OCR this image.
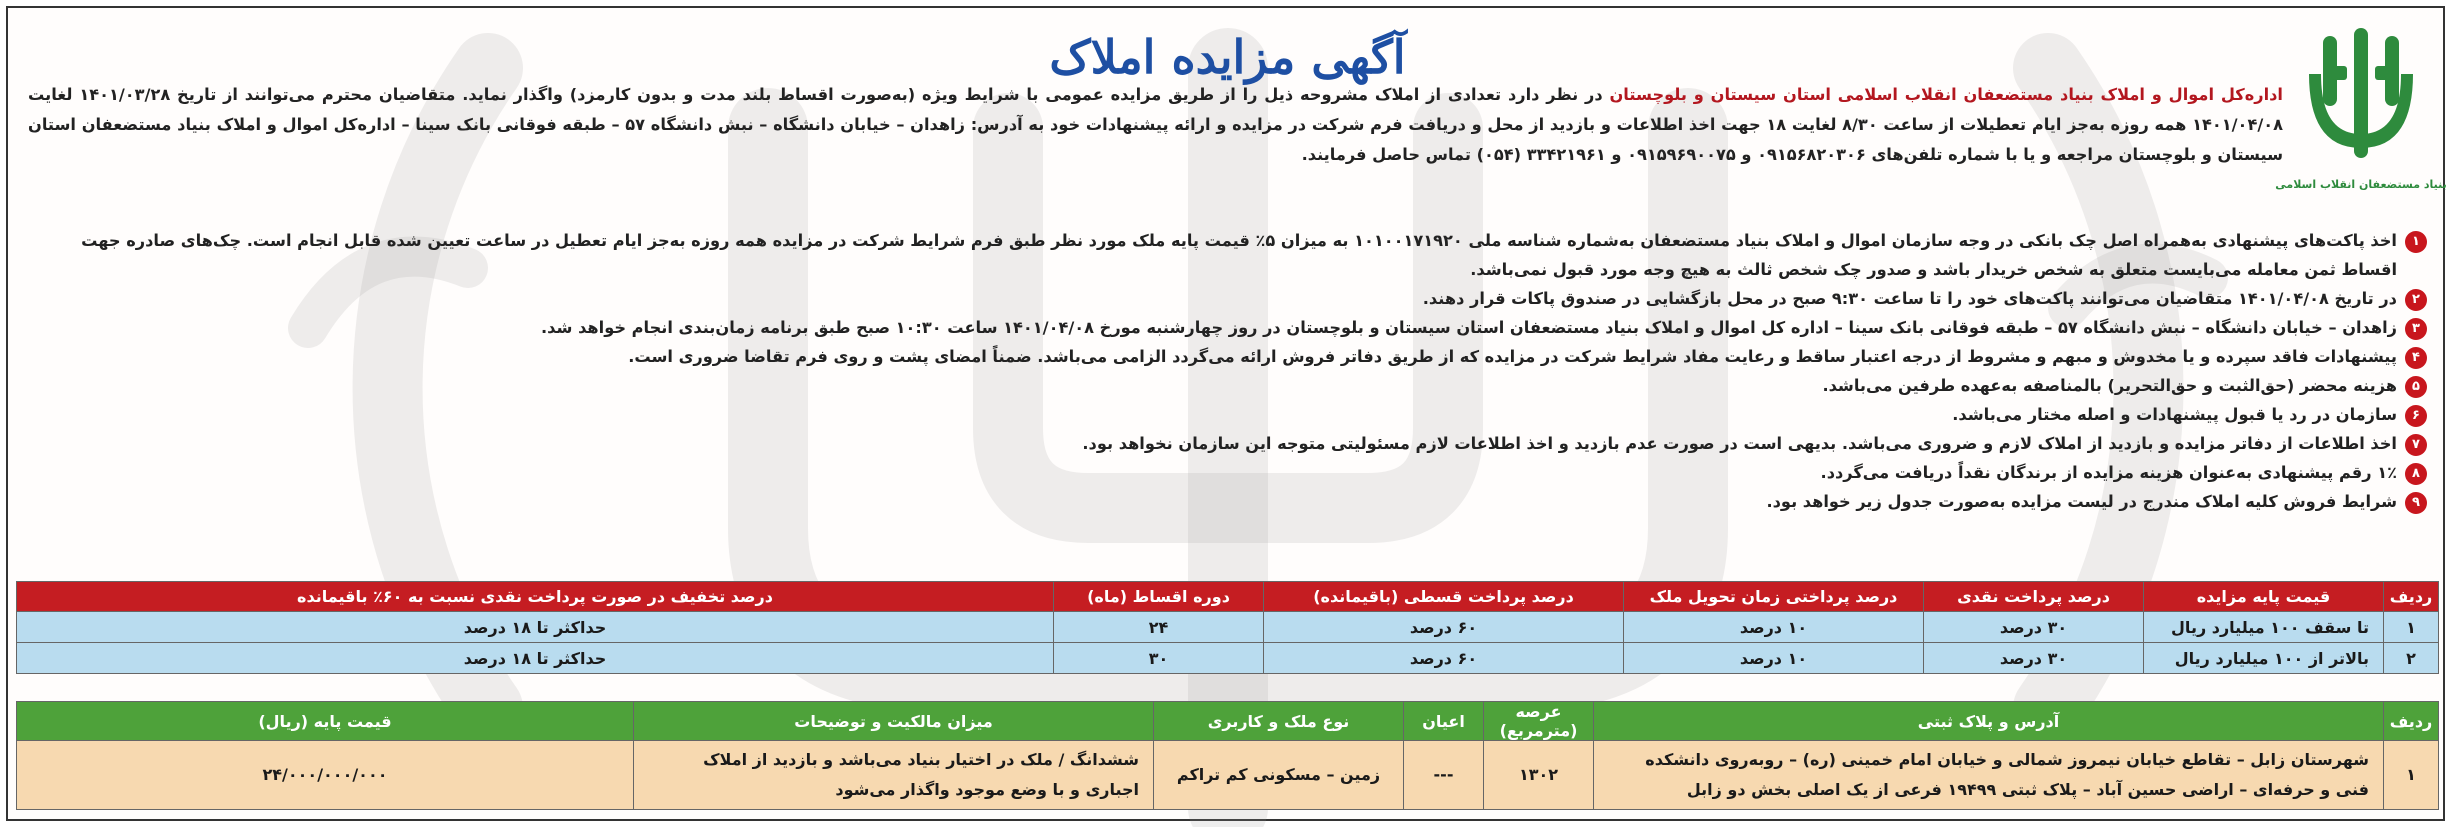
بنیاد مستضعفان انقلاب اسلامی
آگهی مزایده املاک

اداره‌کل اموال و املاک بنیاد مستضعفان انقلاب اسلامی استان سیستان و بلوچستان در نظر دارد تعدادی از املاک مشروحه ذیل را از طریق مزایده عمومی با شرایط ویژه (به‌صورت اقساط بلند مدت و بدون کارمزد) واگذار نماید. متقاضیان محترم می‌توانند از تاریخ ۱۴۰۱/۰۳/۲۸ لغایت ۱۴۰۱/۰۴/۰۸ همه روزه به‌جز ایام تعطیلات از ساعت ۸/۳۰ لغایت ۱۸ جهت اخذ اطلاعات و بازدید از محل و دریافت فرم شرکت در مزایده و ارائه پیشنهادات خود به آدرس: زاهدان – خیابان دانشگاه – نبش دانشگاه ۵۷ – طبقه فوقانی بانک سینا – اداره‌کل اموال و املاک بنیاد مستضعفان استان سیستان و بلوچستان مراجعه و یا با شماره تلفن‌های ۰۹۱۵۶۸۲۰۳۰۶ و ۰۹۱۵۹۶۹۰۰۷۵ و ۳۳۴۲۱۹۶۱ (۰۵۴) تماس حاصل فرمایند.

۱
اخذ پاکت‌های پیشنهادی به‌همراه اصل چک بانکی در وجه سازمان اموال و املاک بنیاد مستضعفان به‌شماره شناسه ملی ۱۰۱۰۰۱۷۱۹۲۰ به میزان ۵٪ قیمت پایه ملک مورد نظر طبق فرم شرایط شرکت در مزایده همه روزه به‌جز ایام تعطیل در ساعت تعیین شده قابل انجام است. چک‌های صادره جهت اقساط ثمن معامله می‌بایست متعلق به شخص خریدار باشد و صدور چک شخص ثالث به هیچ وجه مورد قبول نمی‌باشد.
۲
در تاریخ ۱۴۰۱/۰۴/۰۸ متقاضیان می‌توانند پاکت‌های خود را تا ساعت ۹:۳۰ صبح در محل بازگشایی در صندوق پاکات قرار دهند.
۳
زاهدان – خیابان دانشگاه – نبش دانشگاه ۵۷ – طبقه فوقانی بانک سینا – اداره کل اموال و املاک بنیاد مستضعفان استان سیستان و بلوچستان در روز چهارشنبه مورخ ۱۴۰۱/۰۴/۰۸ ساعت ۱۰:۳۰ صبح طبق برنامه زمان‌بندی انجام خواهد شد.
۴
پیشنهادات فاقد سپرده و یا مخدوش و مبهم و مشروط از درجه اعتبار ساقط و رعایت مفاد شرایط شرکت در مزایده که از طریق دفاتر فروش ارائه می‌گردد الزامی می‌باشد. ضمناً امضای پشت و روی فرم تقاضا ضروری است.
۵
هزینه محضر (حق‌الثبت و حق‌التحریر) بالمناصفه به‌عهده طرفین می‌باشد.
۶
سازمان در رد یا قبول پیشنهادات و اصله مختار می‌باشد.
۷
اخذ اطلاعات از دفاتر مزایده و بازدید از املاک لازم و ضروری می‌باشد. بدیهی است در صورت عدم بازدید و اخذ اطلاعات لازم مسئولیتی متوجه این سازمان نخواهد بود.
۸
۱٪ رقم پیشنهادی به‌عنوان هزینه مزایده از برندگان نقداً دریافت می‌گردد.
۹
شرایط فروش کلیه املاک مندرج در لیست مزایده به‌صورت جدول زیر خواهد بود.
ردیف	قیمت پایه مزایده	درصد پرداخت نقدی	درصد پرداختی زمان تحویل ملک	درصد پرداخت قسطی (باقیمانده)	دوره اقساط (ماه)	درصد تخفیف در صورت پرداخت نقدی نسبت به ۶۰٪ باقیمانده
۱	تا سقف ۱۰۰ میلیارد ریال	۳۰ درصد	۱۰ درصد	۶۰ درصد	۲۴	حداکثر تا ۱۸ درصد
۲	بالاتر از ۱۰۰ میلیارد ریال	۳۰ درصد	۱۰ درصد	۶۰ درصد	۳۰	حداکثر تا ۱۸ درصد
ردیف	آدرس و پلاک ثبتی	عرصه (مترمربع)	اعیان	نوع ملک و کاربری	میزان مالکیت و توضیحات	قیمت پایه (ریال)
۱	شهرستان زابل – تقاطع خیابان نیمروز شمالی و خیابان امام خمینی (ره) – روبه‌روی دانشکده فنی و حرفه‌ای – اراضی حسین آباد – پلاک ثبتی ۱۹۴۹۹ فرعی از یک اصلی بخش دو زابل	۱۳۰۲	---	زمین – مسکونی کم تراکم	ششدانگ / ملک در اختیار بنیاد می‌باشد و بازدید از املاک اجباری و با وضع موجود واگذار می‌شود	۲۴/۰۰۰/۰۰۰/۰۰۰
